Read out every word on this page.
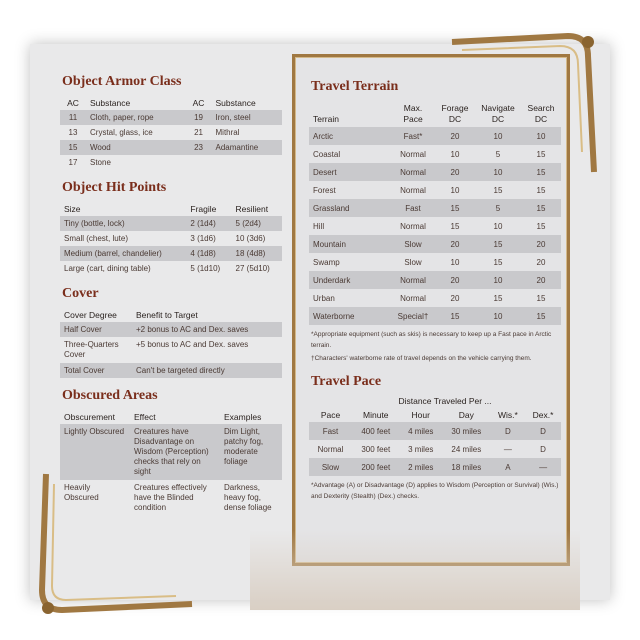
Object Armor Class
AC	Substance	AC	Substance
11	Cloth, paper, rope	19	Iron, steel
13	Crystal, glass, ice	21	Mithral
15	Wood	23	Adamantine
17	Stone		
Object Hit Points
Size	Fragile	Resilient
Tiny (bottle, lock)	2 (1d4)	5 (2d4)
Small (chest, lute)	3 (1d6)	10 (3d6)
Medium (barrel, chandelier)	4 (1d8)	18 (4d8)
Large (cart, dining table)	5 (1d10)	27 (5d10)
Cover
Cover Degree	Benefit to Target
Half Cover	+2 bonus to AC and Dex. saves
Three-Quarters Cover	+5 bonus to AC and Dex. saves
Total Cover	Can't be targeted directly
Obscured Areas
Obscurement	Effect	Examples
Lightly Obscured	Creatures have Disadvantage on Wisdom (Perception) checks that rely on sight	Dim Light, patchy fog, moderate foliage
Heavily Obscured	Creatures effectively have the Blinded condition	Darkness, heavy fog, dense foliage
Travel Terrain
Terrain	Max. Pace	Forage DC	Navigate DC	Search DC
Arctic	Fast*	20	10	10
Coastal	Normal	10	5	15
Desert	Normal	20	10	15
Forest	Normal	10	15	15
Grassland	Fast	15	5	15
Hill	Normal	15	10	15
Mountain	Slow	20	15	20
Swamp	Slow	10	15	20
Underdark	Normal	20	10	20
Urban	Normal	20	15	15
Waterborne	Special†	15	10	15

*Appropriate equipment (such as skis) is necessary to keep up a Fast pace in Arctic terrain.

†Characters' waterborne rate of travel depends on the vehicle carrying them.

Travel Pace
Distance Traveled Per ...
Pace	Minute	Hour	Day	Wis.*	Dex.*
Fast	400 feet	4 miles	30 miles	D	D
Normal	300 feet	3 miles	24 miles	—	D
Slow	200 feet	2 miles	18 miles	A	—

*Advantage (A) or Disadvantage (D) applies to Wisdom (Perception or Survival) (Wis.) and Dexterity (Stealth) (Dex.) checks.
